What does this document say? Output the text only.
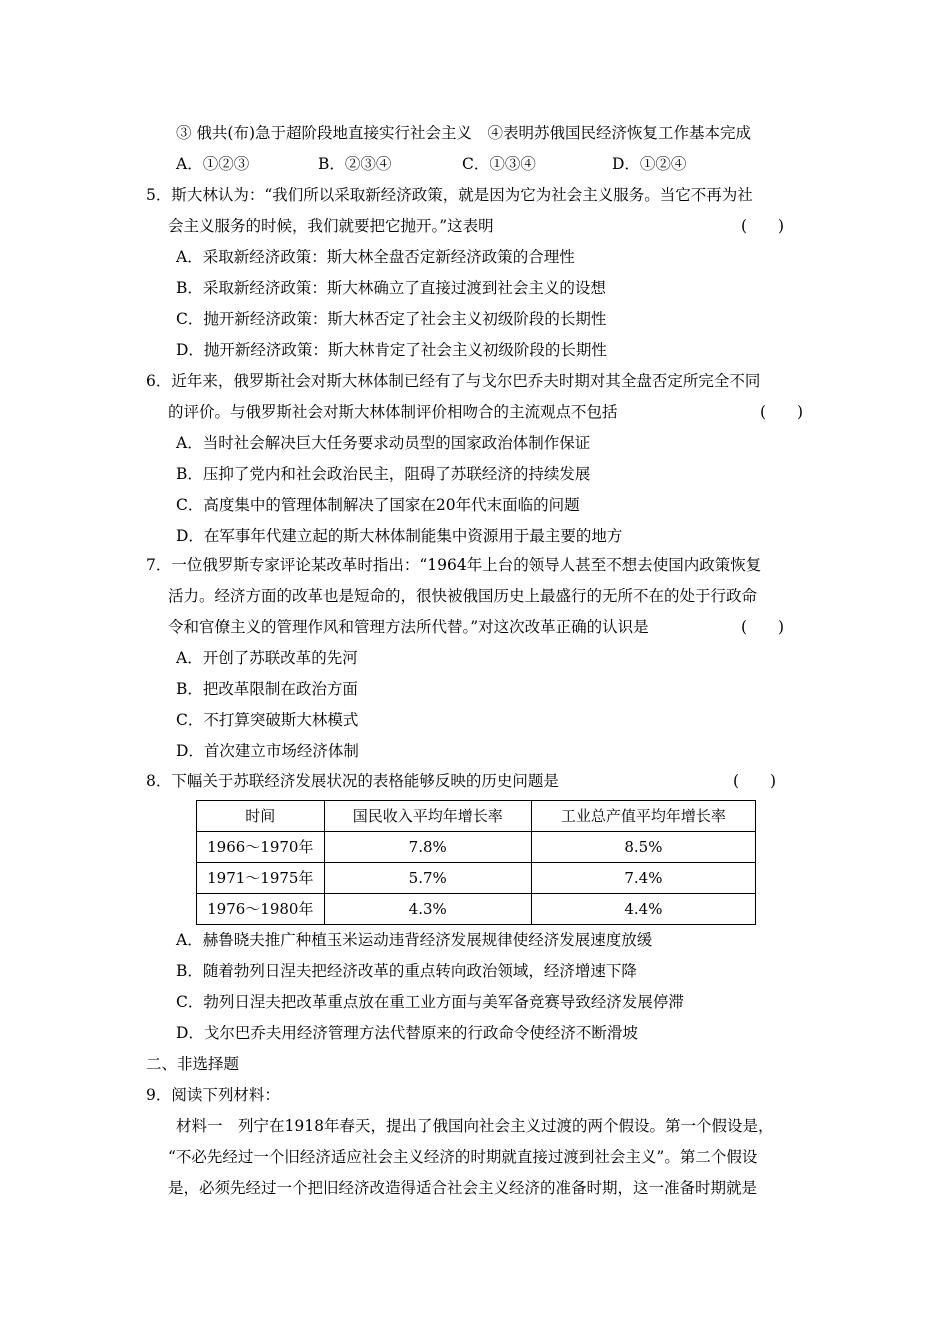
③ 俄共(布)急于超阶段地直接实行社会主义　④表明苏俄国民经济恢复工作基本完成
A．①②③	B．②③④	C．①③④	D．①②④
5．斯大林认为：“我们所以采取新经济政策，就是因为它为社会主义服务。当它不再为社
会主义服务的时候，我们就要把它抛开。”这表明	(　　)
A．采取新经济政策：斯大林全盘否定新经济政策的合理性
B．采取新经济政策：斯大林确立了直接过渡到社会主义的设想
C．抛开新经济政策：斯大林否定了社会主义初级阶段的长期性
D．抛开新经济政策：斯大林肯定了社会主义初级阶段的长期性
6．近年来，俄罗斯社会对斯大林体制已经有了与戈尔巴乔夫时期对其全盘否定所完全不同
的评价。与俄罗斯社会对斯大林体制评价相吻合的主流观点不包括	(　　)
A．当时社会解决巨大任务要求动员型的国家政治体制作保证
B．压抑了党内和社会政治民主，阻碍了苏联经济的持续发展
C．高度集中的管理体制解决了国家在20年代末面临的问题
D．在军事年代建立起的斯大林体制能集中资源用于最主要的地方
7．一位俄罗斯专家评论某改革时指出：“1964年上台的领导人甚至不想去使国内政策恢复
活力。经济方面的改革也是短命的，很快被俄国历史上最盛行的无所不在的处于行政命
令和官僚主义的管理作风和管理方法所代替。”对这次改革正确的认识是	(　　)
A．开创了苏联改革的先河
B．把改革限制在政治方面
C．不打算突破斯大林模式
D．首次建立市场经济体制
8．下幅关于苏联经济发展状况的表格能够反映的历史问题是	(　　)
时间	国民收入平均年增长率	工业总产值平均年增长率
1966～1970年	7.8%	8.5%
1971～1975年	5.7%	7.4%
1976～1980年	4.3%	4.4%
A．赫鲁晓夫推广种植玉米运动违背经济发展规律使经济发展速度放缓
B．随着勃列日涅夫把经济改革的重点转向政治领域，经济增速下降
C．勃列日涅夫把改革重点放在重工业方面与美军备竞赛导致经济发展停滞
D．戈尔巴乔夫用经济管理方法代替原来的行政命令使经济不断滑坡
二、非选择题
9．阅读下列材料：
材料一　列宁在1918年春天，提出了俄国向社会主义过渡的两个假设。第一个假设是，
“不必先经过一个旧经济适应社会主义经济的时期就直接过渡到社会主义”。第二个假设
是，必须先经过一个把旧经济改造得适合社会主义经济的准备时期，这一准备时期就是
